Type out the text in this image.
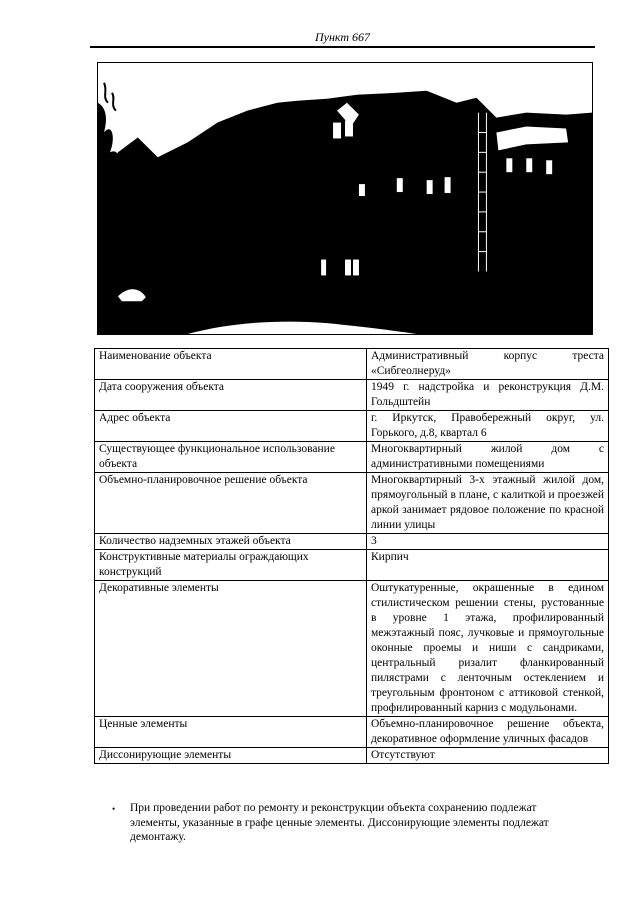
Пункт 667
Наименование объекта	Административный корпус треста «Сибгеолнеруд»
Дата сооружения объекта	1949 г. надстройка и реконструкция Д.М. Гольдштейн
Адрес объекта	г. Иркутск, Правобережный округ, ул. Горького, д.8, квартал 6
Существующее функциональное использование объекта	Многоквартирный жилой дом с административными помещениями
Объемно-планировочное решение объекта	Многоквартирный 3-х этажный жилой дом, прямоугольный в плане, с калиткой и проезжей аркой занимает рядовое положение по красной линии улицы
Количество надземных этажей объекта	3
Конструктивные материалы ограждающих конструкций	Кирпич
Декоративные элементы	Оштукатуренные, окрашенные в едином стилистическом решении стены, рустованные в уровне 1 этажа, профилированный межэтажный пояс, лучковые и прямоугольные оконные проемы и ниши с сандриками, центральный ризалит фланкированный пилястрами с ленточным остеклением и треугольным фронтоном с аттиковой стенкой, профилированный карниз с модульонами.
Ценные элементы	Объемно-планировочное решение объекта, декоративное оформление уличных фасадов
Диссонирующие элементы	Отсутствуют
• При проведении работ по ремонту и реконструкции объекта сохранению подлежат элементы, указанные в графе ценные элементы. Диссонирующие элементы подлежат демонтажу.
